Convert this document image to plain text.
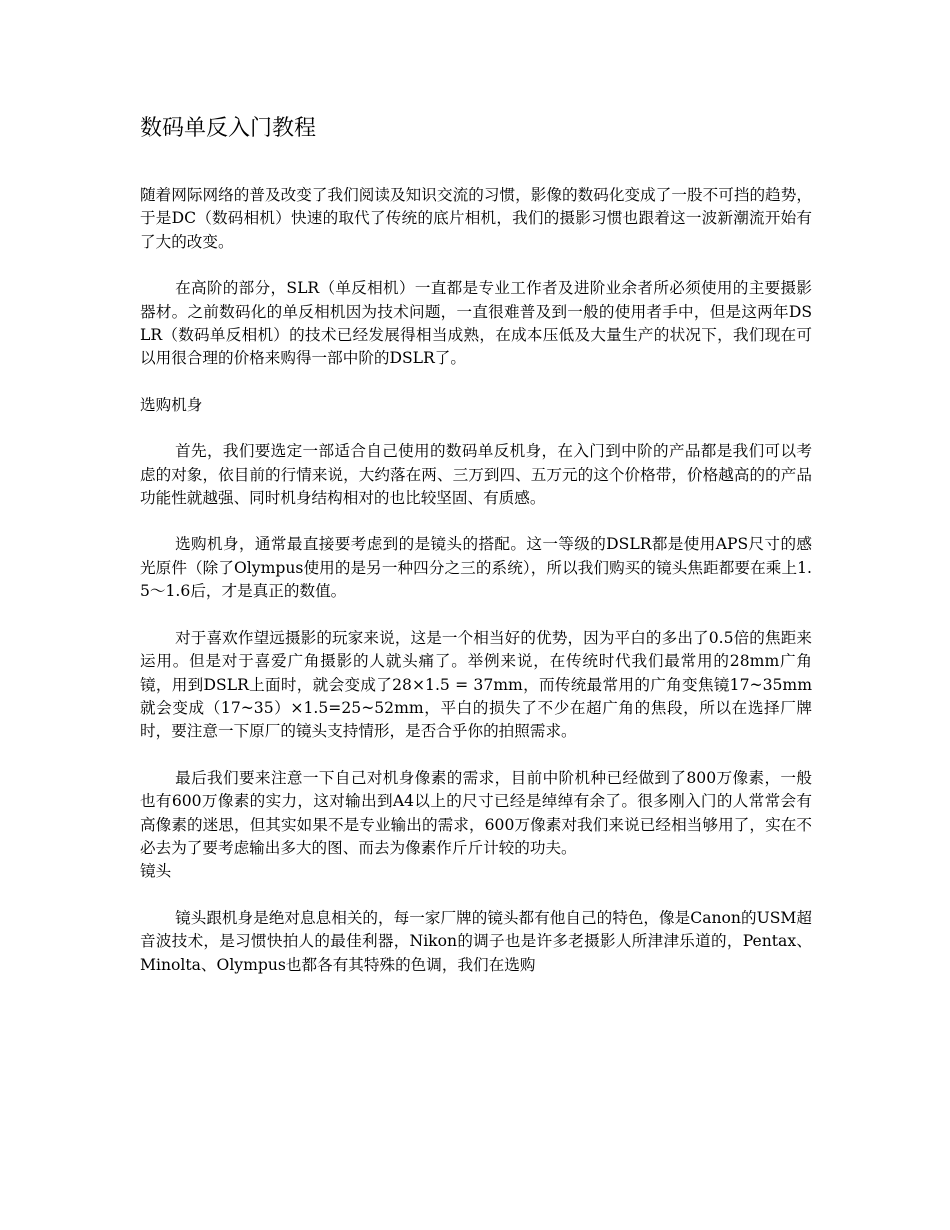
数码单反入门教程

随着网际网络的普及改变了我们阅读及知识交流的习惯，影像的数码化变成了一股不可挡的趋势，于是DC（数码相机）快速的取代了传统的底片相机，我们的摄影习惯也跟着这一波新潮流开始有了大的改变。

在高阶的部分，SLR（单反相机）一直都是专业工作者及进阶业余者所必须使用的主要摄影器材。之前数码化的单反相机因为技术问题，一直很难普及到一般的使用者手中，但是这两年DSLR（数码单反相机）的技术已经发展得相当成熟，在成本压低及大量生产的状况下，我们现在可以用很合理的价格来购得一部中阶的DSLR了。

选购机身

首先，我们要选定一部适合自己使用的数码单反机身，在入门到中阶的产品都是我们可以考虑的对象，依目前的行情来说，大约落在两、三万到四、五万元的这个价格带，价格越高的的产品功能性就越强、同时机身结构相对的也比较坚固、有质感。

选购机身，通常最直接要考虑到的是镜头的搭配。这一等级的DSLR都是使用APS尺寸的感光原件（除了Olympus使用的是另一种四分之三的系统），所以我们购买的镜头焦距都要在乘上1.5～1.6后，才是真正的数值。

对于喜欢作望远摄影的玩家来说，这是一个相当好的优势，因为平白的多出了0.5倍的焦距来运用。但是对于喜爱广角摄影的人就头痛了。举例来说，在传统时代我们最常用的28mm广角镜，用到DSLR上面时，就会变成了28×1.5 = 37mm，而传统最常用的广角变焦镜17~35mm就会变成（17~35）×1.5=25~52mm，平白的损失了不少在超广角的焦段，所以在选择厂牌时，要注意一下原厂的镜头支持情形，是否合乎你的拍照需求。

最后我们要来注意一下自己对机身像素的需求，目前中阶机种已经做到了800万像素，一般也有600万像素的实力，这对输出到A4以上的尺寸已经是绰绰有余了。很多刚入门的人常常会有高像素的迷思，但其实如果不是专业输出的需求，600万像素对我们来说已经相当够用了，实在不必去为了要考虑输出多大的图、而去为像素作斤斤计较的功夫。

镜头

镜头跟机身是绝对息息相关的，每一家厂牌的镜头都有他自己的特色，像是Canon的USM超音波技术，是习惯快拍人的最佳利器，Nikon的调子也是许多老摄影人所津津乐道的，Pentax、Minolta、Olympus也都各有其特殊的色调，我们在选购
